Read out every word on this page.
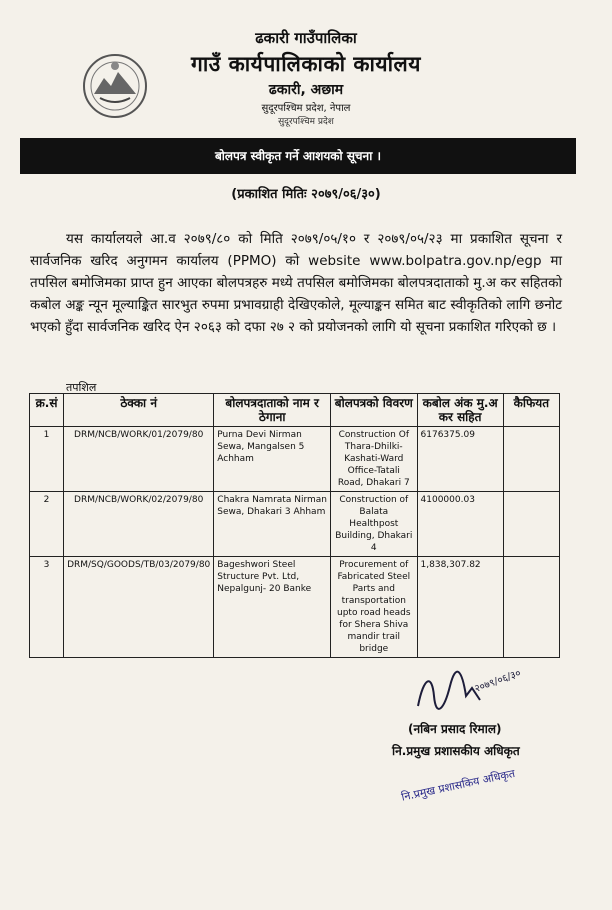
ढकारी गाउँपालिका
गाउँ कार्यपालिकाको कार्यालय
ढकारी, अछाम
सुदूरपश्चिम प्रदेश, नेपाल
सुदूरपश्चिम प्रदेश
बोलपत्र स्वीकृत गर्ने आशयको सूचना ।
(प्रकाशित मितिः २०७९/०६/३०)
यस कार्यालयले आ.व २०७९/८० को मिति २०७९/०५/१० र २०७९/०५/२३ मा प्रकाशित सूचना र सार्वजनिक खरिद अनुगमन कार्यालय (PPMO) को website www.bolpatra.gov.np/egp मा तपसिल बमोजिमका प्राप्त हुन आएका बोलपत्रहरु मध्ये तपसिल बमोजिमका बोलपत्रदाताको मु.अ कर सहितको कबोल अङ्क न्यून मूल्याङ्कित सारभुत रुपमा प्रभावग्राही देखिएकोले, मूल्याङ्कन समित बाट स्वीकृतिको लागि छनोट भएको हुँदा सार्वजनिक खरिद ऐन २०६३ को दफा २७ २ को प्रयोजनको लागि यो सूचना प्रकाशित गरिएको छ ।
तपशिल
क्र.सं	ठेक्का नं	बोलपत्रदाताको नाम र ठेगाना	बोलपत्रको विवरण	कबोल अंक मु.अ कर सहित	कैफियत
1	DRM/NCB/WORK/01/2079/80	Purna Devi Nirman Sewa, Mangalsen 5 Achham	Construction Of Thara-Dhilki-Kashati-Ward Office-Tatali Road, Dhakari 7	6176375.09	
2	DRM/NCB/WORK/02/2079/80	Chakra Namrata Nirman Sewa, Dhakari 3 Ahham	Construction of Balata Healthpost Building, Dhakari 4	4100000.03	
3	DRM/SQ/GOODS/TB/03/2079/80	Bageshwori Steel Structure Pvt. Ltd, Nepalgunj- 20 Banke	Procurement of Fabricated Steel Parts and transportation upto road heads for Shera Shiva mandir trail bridge	1,838,307.82	
२०७९/०६/३०
(नबिन प्रसाद रिमाल)
नि.प्रमुख प्रशासकीय अधिकृत
नि.प्रमुख प्रशासकिय अधिकृत
